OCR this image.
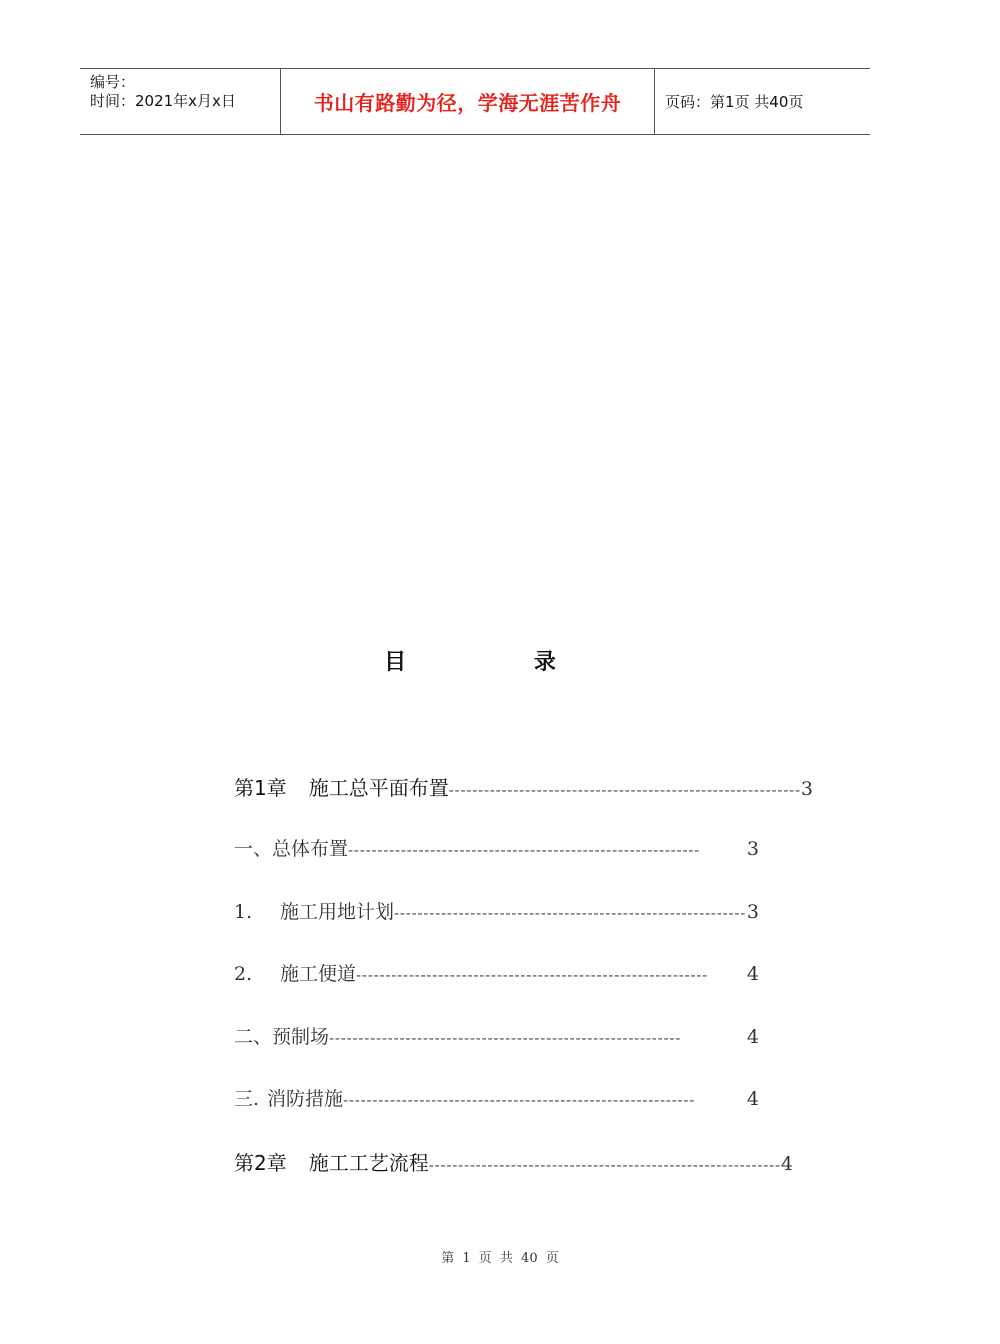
编号：
时间：2021年x月x日	书山有路勤为径，学海无涯苦作舟	页码：第1页 共40页
目 录
第1章 施工总平面布置 ------------------------------------------------------------ 3
一、总体布置 ------------------------------------------------------------	3
1. 施工用地计划 ------------------------------------------------------------ 3
2. 施工便道 ------------------------------------------------------------	4
二、预制场 ------------------------------------------------------------	4
三. 消防措施 ------------------------------------------------------------	4
第2章 施工工艺流程 ------------------------------------------------------------ 4
第 1 页 共 40 页
